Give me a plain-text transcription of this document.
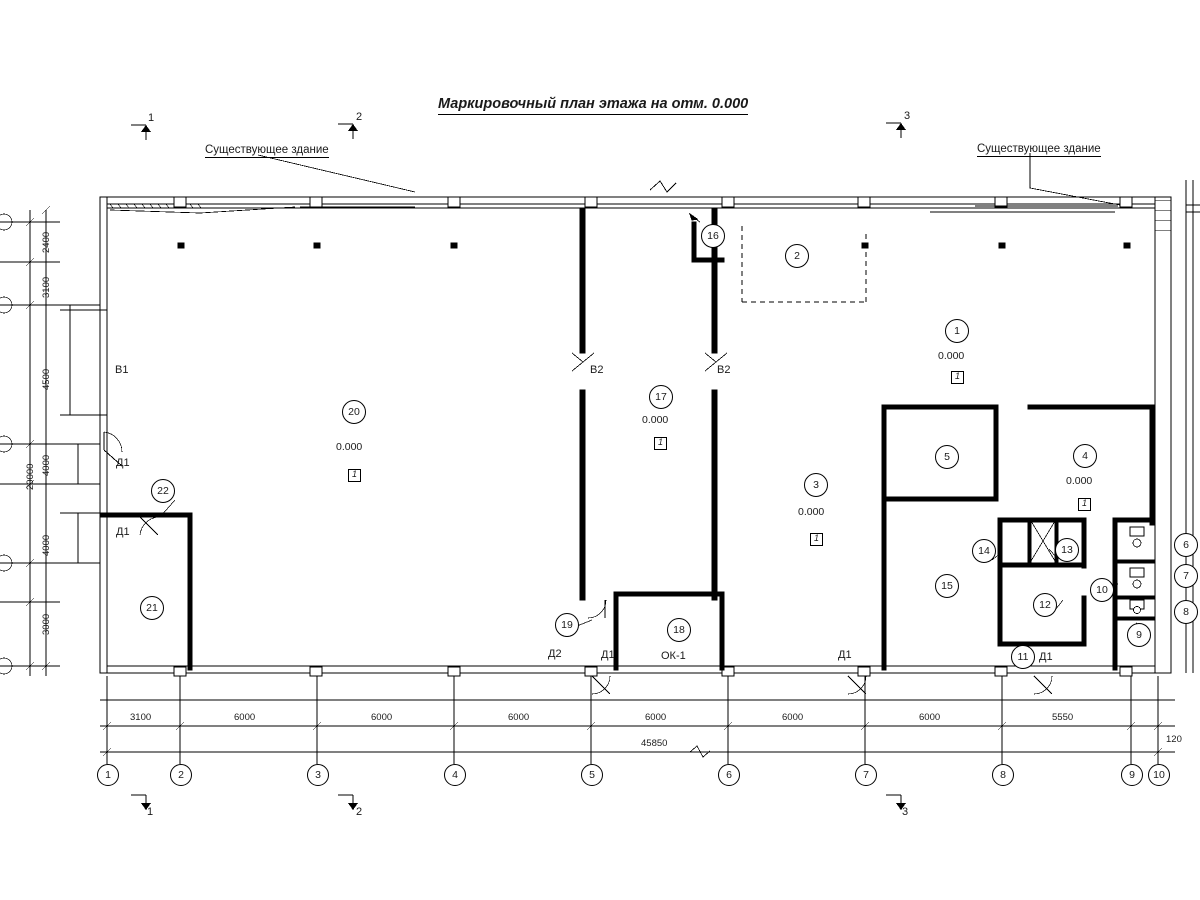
Маркировочный план этажа на отм. 0.000
Существующее здание	Существующее здание
1	2	3
1	2	3
16
2
1
20
17
5	4
3
22
14	13	6
7
15	10
12
21	8
19	18	9
11
0.000
1
0.000
1
0.000
1
0.000
1
0.000
1
В1	В2	В2
Д1
Д1
Д2	Д1	ОК-1	Д1	Д1
3100	6000	6000	6000	6000	6000	6000	5550
120
45850
2400
3100
4500
4000
4000
3000
20000
1	2	3	4	5	6	7	8	9	10
